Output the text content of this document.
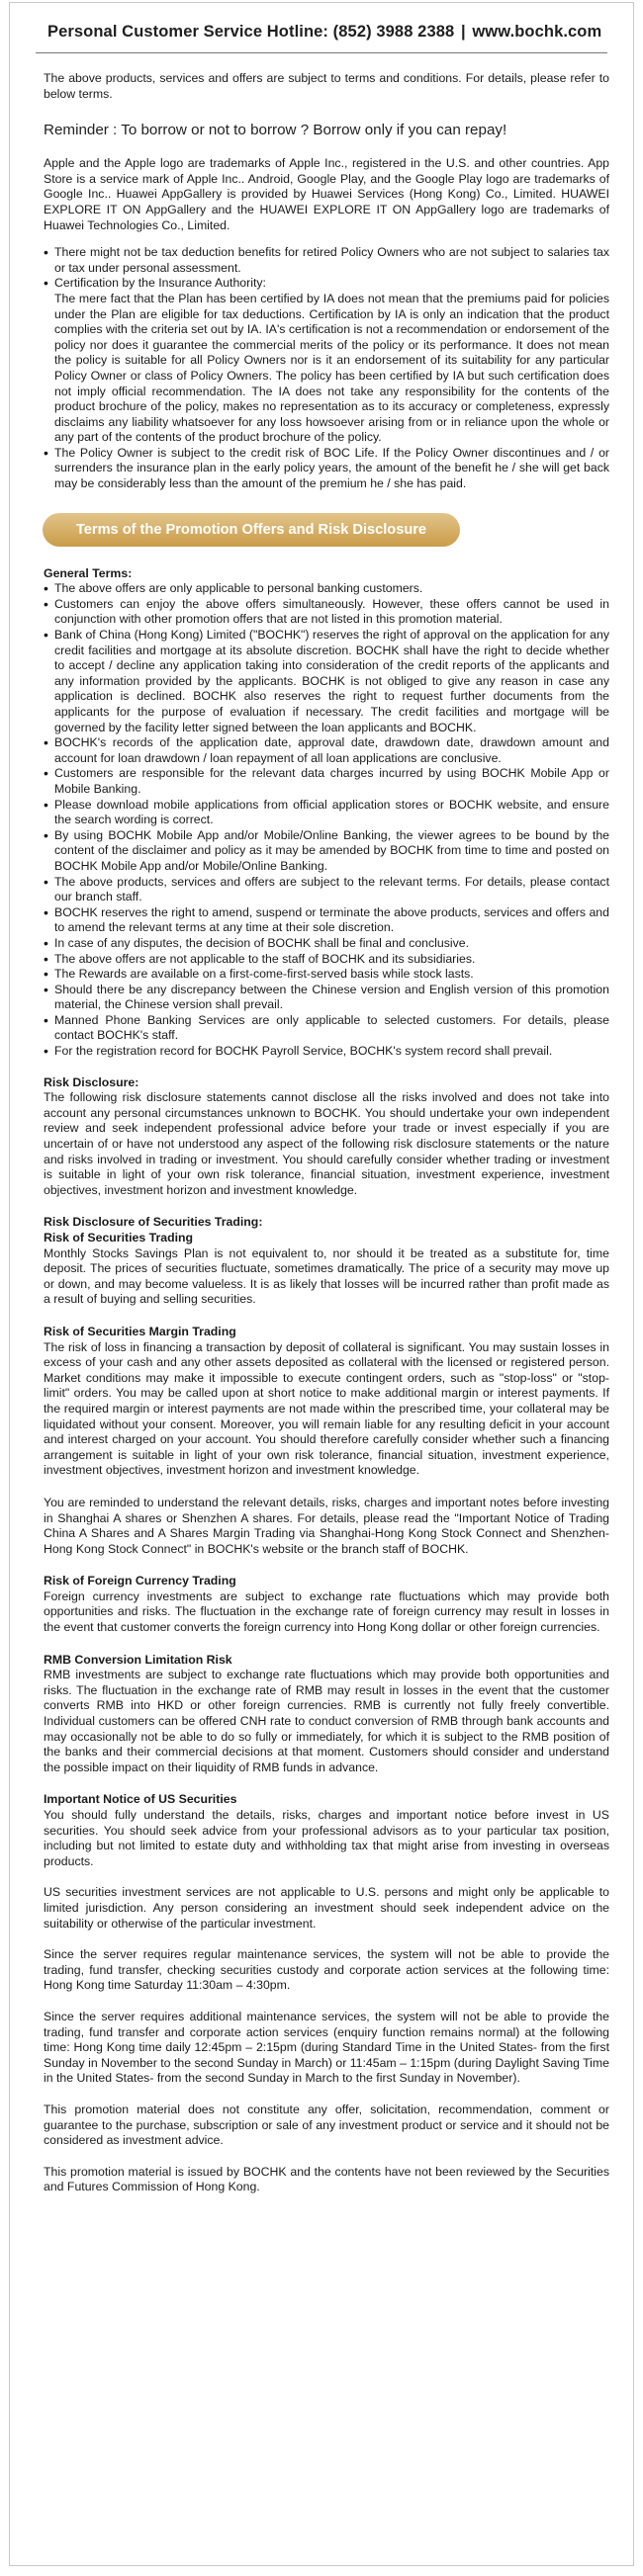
Personal Customer Service Hotline: (852) 3988 2388 | www.bochk.com

The above products, services and offers are subject to terms and conditions. For details, please refer to below terms.

Reminder : To borrow or not to borrow ? Borrow only if you can repay!

Apple and the Apple logo are trademarks of Apple Inc., registered in the U.S. and other countries. App Store is a service mark of Apple Inc.. Android, Google Play, and the Google Play logo are trademarks of Google Inc.. Huawei AppGallery is provided by Huawei Services (Hong Kong) Co., Limited. HUAWEI EXPLORE IT ON AppGallery and the HUAWEI EXPLORE IT ON AppGallery logo are trademarks of Huawei Technologies Co., Limited.

• There might not be tax deduction benefits for retired Policy Owners who are not subject to salaries tax or tax under personal assessment.
• Certification by the Insurance Authority:
The mere fact that the Plan has been certified by IA does not mean that the premiums paid for policies under the Plan are eligible for tax deductions. Certification by IA is only an indication that the product complies with the criteria set out by IA. IA's certification is not a recommendation or endorsement of the policy nor does it guarantee the commercial merits of the policy or its performance. It does not mean the policy is suitable for all Policy Owners nor is it an endorsement of its suitability for any particular Policy Owner or class of Policy Owners. The policy has been certified by IA but such certification does not imply official recommendation. The IA does not take any responsibility for the contents of the product brochure of the policy, makes no representation as to its accuracy or completeness, expressly disclaims any liability whatsoever for any loss howsoever arising from or in reliance upon the whole or any part of the contents of the product brochure of the policy.
• The Policy Owner is subject to the credit risk of BOC Life. If the Policy Owner discontinues and / or surrenders the insurance plan in the early policy years, the amount of the benefit he / she will get back may be considerably less than the amount of the premium he / she has paid.
Terms of the Promotion Offers and Risk Disclosure
General Terms:
• The above offers are only applicable to personal banking customers.
• Customers can enjoy the above offers simultaneously. However, these offers cannot be used in conjunction with other promotion offers that are not listed in this promotion material.
• Bank of China (Hong Kong) Limited ("BOCHK") reserves the right of approval on the application for any credit facilities and mortgage at its absolute discretion. BOCHK shall have the right to decide whether to accept / decline any application taking into consideration of the credit reports of the applicants and any information provided by the applicants. BOCHK is not obliged to give any reason in case any application is declined. BOCHK also reserves the right to request further documents from the applicants for the purpose of evaluation if necessary. The credit facilities and mortgage will be governed by the facility letter signed between the loan applicants and BOCHK.
• BOCHK's records of the application date, approval date, drawdown date, drawdown amount and account for loan drawdown / loan repayment of all loan applications are conclusive.
• Customers are responsible for the relevant data charges incurred by using BOCHK Mobile App or Mobile Banking.
• Please download mobile applications from official application stores or BOCHK website, and ensure the search wording is correct.
• By using BOCHK Mobile App and/or Mobile/Online Banking, the viewer agrees to be bound by the content of the disclaimer and policy as it may be amended by BOCHK from time to time and posted on BOCHK Mobile App and/or Mobile/Online Banking.
• The above products, services and offers are subject to the relevant terms. For details, please contact our branch staff.
• BOCHK reserves the right to amend, suspend or terminate the above products, services and offers and to amend the relevant terms at any time at their sole discretion.
• In case of any disputes, the decision of BOCHK shall be final and conclusive.
• The above offers are not applicable to the staff of BOCHK and its subsidiaries.
• The Rewards are available on a first-come-first-served basis while stock lasts.
• Should there be any discrepancy between the Chinese version and English version of this promotion material, the Chinese version shall prevail.
• Manned Phone Banking Services are only applicable to selected customers. For details, please contact BOCHK's staff.
• For the registration record for BOCHK Payroll Service, BOCHK's system record shall prevail.
Risk Disclosure:

The following risk disclosure statements cannot disclose all the risks involved and does not take into account any personal circumstances unknown to BOCHK. You should undertake your own independent review and seek independent professional advice before your trade or invest especially if you are uncertain of or have not understood any aspect of the following risk disclosure statements or the nature and risks involved in trading or investment. You should carefully consider whether trading or investment is suitable in light of your own risk tolerance, financial situation, investment experience, investment objectives, investment horizon and investment knowledge.

Risk Disclosure of Securities Trading:
Risk of Securities Trading

Monthly Stocks Savings Plan is not equivalent to, nor should it be treated as a substitute for, time deposit. The prices of securities fluctuate, sometimes dramatically. The price of a security may move up or down, and may become valueless. It is as likely that losses will be incurred rather than profit made as a result of buying and selling securities.

Risk of Securities Margin Trading

The risk of loss in financing a transaction by deposit of collateral is significant. You may sustain losses in excess of your cash and any other assets deposited as collateral with the licensed or registered person. Market conditions may make it impossible to execute contingent orders, such as "stop-loss" or "stop-limit" orders. You may be called upon at short notice to make additional margin or interest payments. If the required margin or interest payments are not made within the prescribed time, your collateral may be liquidated without your consent. Moreover, you will remain liable for any resulting deficit in your account and interest charged on your account. You should therefore carefully consider whether such a financing arrangement is suitable in light of your own risk tolerance, financial situation, investment experience, investment objectives, investment horizon and investment knowledge.

You are reminded to understand the relevant details, risks, charges and important notes before investing in Shanghai A shares or Shenzhen A shares. For details, please read the "Important Notice of Trading China A Shares and A Shares Margin Trading via Shanghai-Hong Kong Stock Connect and Shenzhen-Hong Kong Stock Connect" in BOCHK's website or the branch staff of BOCHK.

Risk of Foreign Currency Trading

Foreign currency investments are subject to exchange rate fluctuations which may provide both opportunities and risks. The fluctuation in the exchange rate of foreign currency may result in losses in the event that customer converts the foreign currency into Hong Kong dollar or other foreign currencies.

RMB Conversion Limitation Risk

RMB investments are subject to exchange rate fluctuations which may provide both opportunities and risks. The fluctuation in the exchange rate of RMB may result in losses in the event that the customer converts RMB into HKD or other foreign currencies. RMB is currently not fully freely convertible. Individual customers can be offered CNH rate to conduct conversion of RMB through bank accounts and may occasionally not be able to do so fully or immediately, for which it is subject to the RMB position of the banks and their commercial decisions at that moment. Customers should consider and understand the possible impact on their liquidity of RMB funds in advance.

Important Notice of US Securities

You should fully understand the details, risks, charges and important notice before invest in US securities. You should seek advice from your professional advisors as to your particular tax position, including but not limited to estate duty and withholding tax that might arise from investing in overseas products.

US securities investment services are not applicable to U.S. persons and might only be applicable to limited jurisdiction. Any person considering an investment should seek independent advice on the suitability or otherwise of the particular investment.

Since the server requires regular maintenance services, the system will not be able to provide the trading, fund transfer, checking securities custody and corporate action services at the following time: Hong Kong time Saturday 11:30am – 4:30pm.

Since the server requires additional maintenance services, the system will not be able to provide the trading, fund transfer and corporate action services (enquiry function remains normal) at the following time: Hong Kong time daily 12:45pm – 2:15pm (during Standard Time in the United States- from the first Sunday in November to the second Sunday in March) or 11:45am – 1:15pm (during Daylight Saving Time in the United States- from the second Sunday in March to the first Sunday in November).

This promotion material does not constitute any offer, solicitation, recommendation, comment or guarantee to the purchase, subscription or sale of any investment product or service and it should not be considered as investment advice.

This promotion material is issued by BOCHK and the contents have not been reviewed by the Securities and Futures Commission of Hong Kong.
